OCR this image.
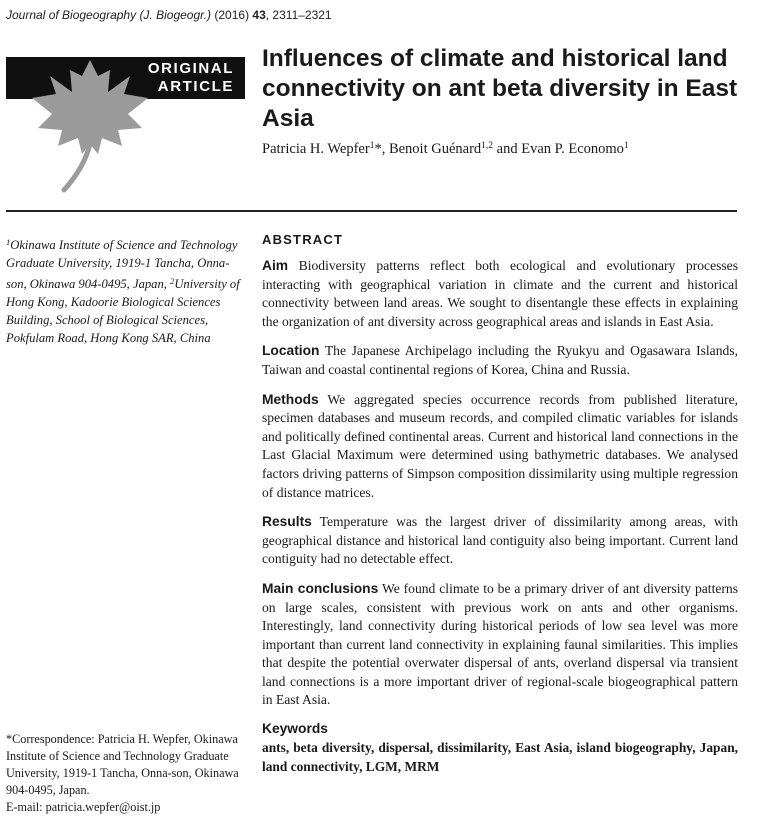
Journal of Biogeography (J. Biogeogr.) (2016) 43, 2311–2321
ORIGINAL
ARTICLE
Influences of climate and historical land connectivity on ant beta diversity in East Asia
Patricia H. Wepfer$^1$*, Benoit Guénard$^{1,2}$ and Evan P. Economo$^1$
$^1$Okinawa Institute of Science and Technology Graduate University, 1919-1 Tancha, Onna-son, Okinawa 904-0495, Japan, $^2$University of Hong Kong, Kadoorie Biological Sciences Building, School of Biological Sciences, Pokfulam Road, Hong Kong SAR, China
*Correspondence: Patricia H. Wepfer, Okinawa Institute of Science and Technology Graduate University, 1919-1 Tancha, Onna-son, Okinawa 904-0495, Japan.
E-mail: patricia.wepfer@oist.jp
ABSTRACT

Aim Biodiversity patterns reflect both ecological and evolutionary processes interacting with geographical variation in climate and the current and historical connectivity between land areas. We sought to disentangle these effects in explaining the organization of ant diversity across geographical areas and islands in East Asia.

Location The Japanese Archipelago including the Ryukyu and Ogasawara Islands, Taiwan and coastal continental regions of Korea, China and Russia.

Methods We aggregated species occurrence records from published literature, specimen databases and museum records, and compiled climatic variables for islands and politically defined continental areas. Current and historical land connections in the Last Glacial Maximum were determined using bathymetric databases. We analysed factors driving patterns of Simpson composition dissimilarity using multiple regression of distance matrices.

Results Temperature was the largest driver of dissimilarity among areas, with geographical distance and historical land contiguity also being important. Current land contiguity had no detectable effect.

Main conclusions We found climate to be a primary driver of ant diversity patterns on large scales, consistent with previous work on ants and other organisms. Interestingly, land connectivity during historical periods of low sea level was more important than current land connectivity in explaining faunal similarities. This implies that despite the potential overwater dispersal of ants, overland dispersal via transient land connections is a more important driver of regional-scale biogeographical pattern in East Asia.

Keywords

ants, beta diversity, dispersal, dissimilarity, East Asia, island biogeography, Japan, land connectivity, LGM, MRM
